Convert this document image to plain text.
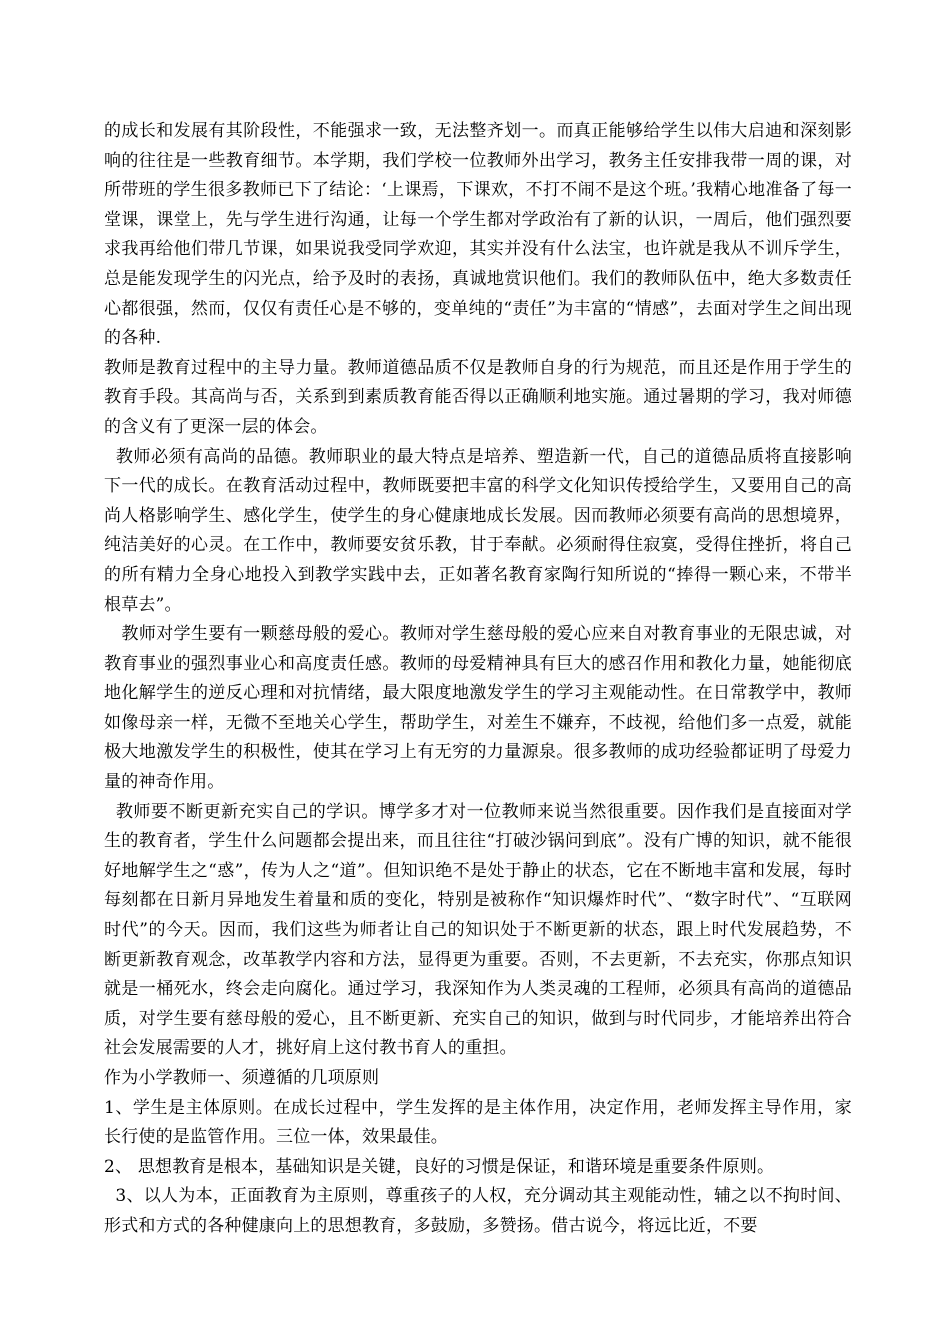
的成长和发展有其阶段性，不能强求一致，无法整齐划一。而真正能够给学生以伟大启迪和深刻影响的往往是一些教育细节。本学期，我们学校一位教师外出学习，教务主任安排我带一周的课，对所带班的学生很多教师已下了结论：‘上课焉，下课欢，不打不闹不是这个班。’我精心地准备了每一堂课，课堂上，先与学生进行沟通，让每一个学生都对学政治有了新的认识，一周后，他们强烈要求我再给他们带几节课，如果说我受同学欢迎，其实并没有什么法宝，也许就是我从不训斥学生，总是能发现学生的闪光点，给予及时的表扬，真诚地赏识他们。我们的教师队伍中，绝大多数责任心都很强，然而，仅仅有责任心是不够的，变单纯的“责任”为丰富的“情感”，去面对学生之间出现的各种.

教师是教育过程中的主导力量。教师道德品质不仅是教师自身的行为规范，而且还是作用于学生的教育手段。其高尚与否，关系到到素质教育能否得以正确顺利地实施。通过暑期的学习，我对师德的含义有了更深一层的体会。

教师必须有高尚的品德。教师职业的最大特点是培养、塑造新一代，自己的道德品质将直接影响下一代的成长。在教育活动过程中，教师既要把丰富的科学文化知识传授给学生，又要用自己的高尚人格影响学生、感化学生，使学生的身心健康地成长发展。因而教师必须要有高尚的思想境界，纯洁美好的心灵。在工作中，教师要安贫乐教，甘于奉献。必须耐得住寂寞，受得住挫折，将自己的所有精力全身心地投入到教学实践中去，正如著名教育家陶行知所说的“捧得一颗心来，不带半根草去”。

教师对学生要有一颗慈母般的爱心。教师对学生慈母般的爱心应来自对教育事业的无限忠诚，对教育事业的强烈事业心和高度责任感。教师的母爱精神具有巨大的感召作用和教化力量，她能彻底地化解学生的逆反心理和对抗情绪，最大限度地激发学生的学习主观能动性。在日常教学中，教师如像母亲一样，无微不至地关心学生，帮助学生，对差生不嫌弃，不歧视，给他们多一点爱，就能极大地激发学生的积极性，使其在学习上有无穷的力量源泉。很多教师的成功经验都证明了母爱力量的神奇作用。

教师要不断更新充实自己的学识。博学多才对一位教师来说当然很重要。因作我们是直接面对学生的教育者，学生什么问题都会提出来，而且往往“打破沙锅问到底”。没有广博的知识，就不能很好地解学生之“惑”，传为人之“道”。但知识绝不是处于静止的状态，它在不断地丰富和发展，每时每刻都在日新月异地发生着量和质的变化，特别是被称作“知识爆炸时代”、“数字时代”、“互联网时代”的今天。因而，我们这些为师者让自己的知识处于不断更新的状态，跟上时代发展趋势，不断更新教育观念，改革教学内容和方法，显得更为重要。否则，不去更新，不去充实，你那点知识就是一桶死水，终会走向腐化。通过学习，我深知作为人类灵魂的工程师，必须具有高尚的道德品质，对学生要有慈母般的爱心，且不断更新、充实自己的知识，做到与时代同步，才能培养出符合社会发展需要的人才，挑好肩上这付教书育人的重担。

作为小学教师一、须遵循的几项原则

1、学生是主体原则。在成长过程中，学生发挥的是主体作用，决定作用，老师发挥主导作用，家长行使的是监管作用。三位一体，效果最佳。

2、 思想教育是根本，基础知识是关键，良好的习惯是保证，和谐环境是重要条件原则。

3、以人为本，正面教育为主原则，尊重孩子的人权，充分调动其主观能动性，辅之以不拘时间、形式和方式的各种健康向上的思想教育，多鼓励，多赞扬。借古说今，将远比近，不要
